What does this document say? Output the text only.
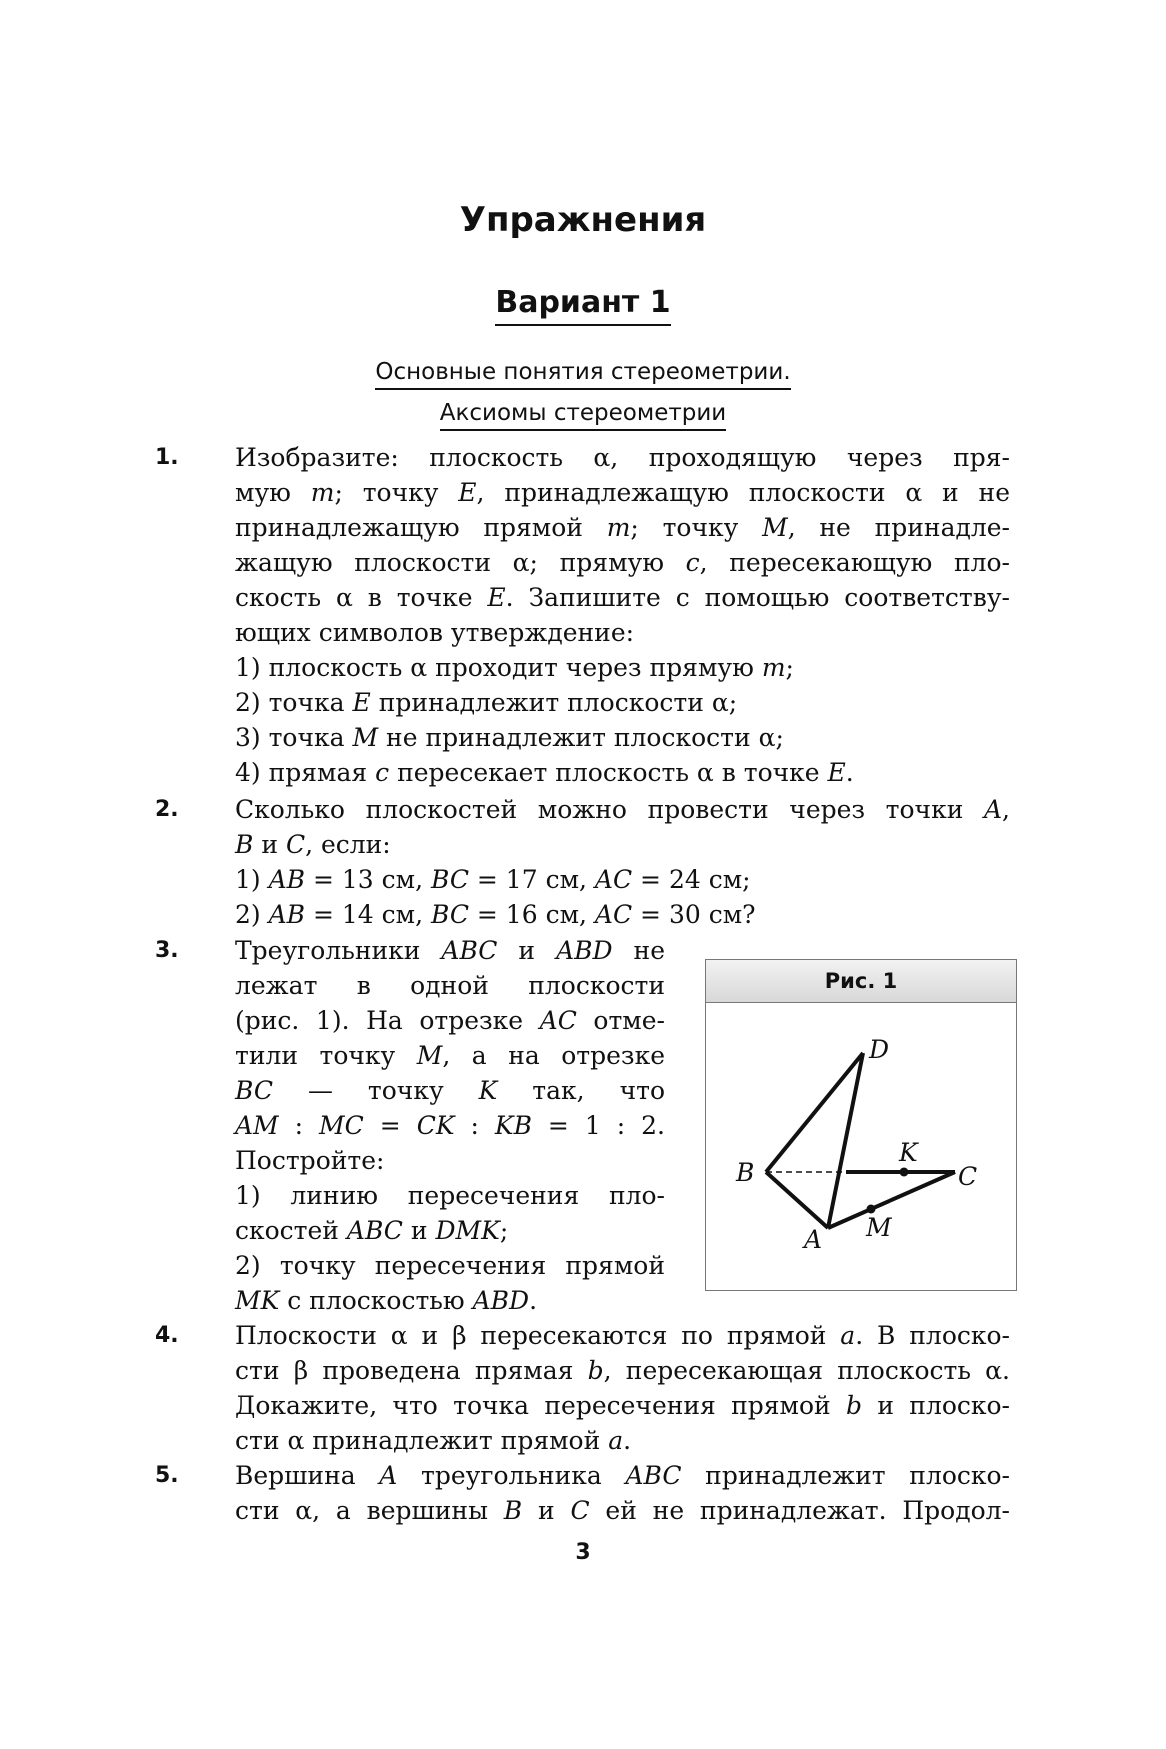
Упражнения
Вариант 1
Основные понятия стереометрии.
Аксиомы стереометрии
1. Изобразите: плоскость α, проходящую через пря-

мую m; точку E, принадлежащую плоскости α и не

принадлежащую прямой m; точку M, не принадле-

жащую плоскости α; прямую c, пересекающую пло-

скость α в точке E. Запишите с помощью соответству-

ющих символов утверждение:

1) плоскость α проходит через прямую m;

2) точка E принадлежит плоскости α;

3) точка M не принадлежит плоскости α;

4) прямая c пересекает плоскость α в точке E.

2. Сколько плоскостей можно провести через точки A,

B и C, если:

1) AB = 13 см, BC = 17 см, AC = 24 см;

2) AB = 14 см, BC = 16 см, AC = 30 см?

3. Треугольники ABC и ABD не

лежат в одной плоскости

(рис. 1). На отрезке AC отме-

тили точку M, а на отрезке

BC — точку K так, что

AM : MC = CK : KB = 1 : 2.

Постройте:

1) линию пересечения пло-

скостей ABC и DMK;

2) точку пересечения прямой

MK с плоскостью ABD.

Рис. 1
D
K
B	C
A M
4. Плоскости α и β пересекаются по прямой a. В плоско-

сти β проведена прямая b, пересекающая плоскость α.

Докажите, что точка пересечения прямой b и плоско-

сти α принадлежит прямой a.

5. Вершина A треугольника ABC принадлежит плоско-

сти α, а вершины B и C ей не принадлежат. Продол-

3
